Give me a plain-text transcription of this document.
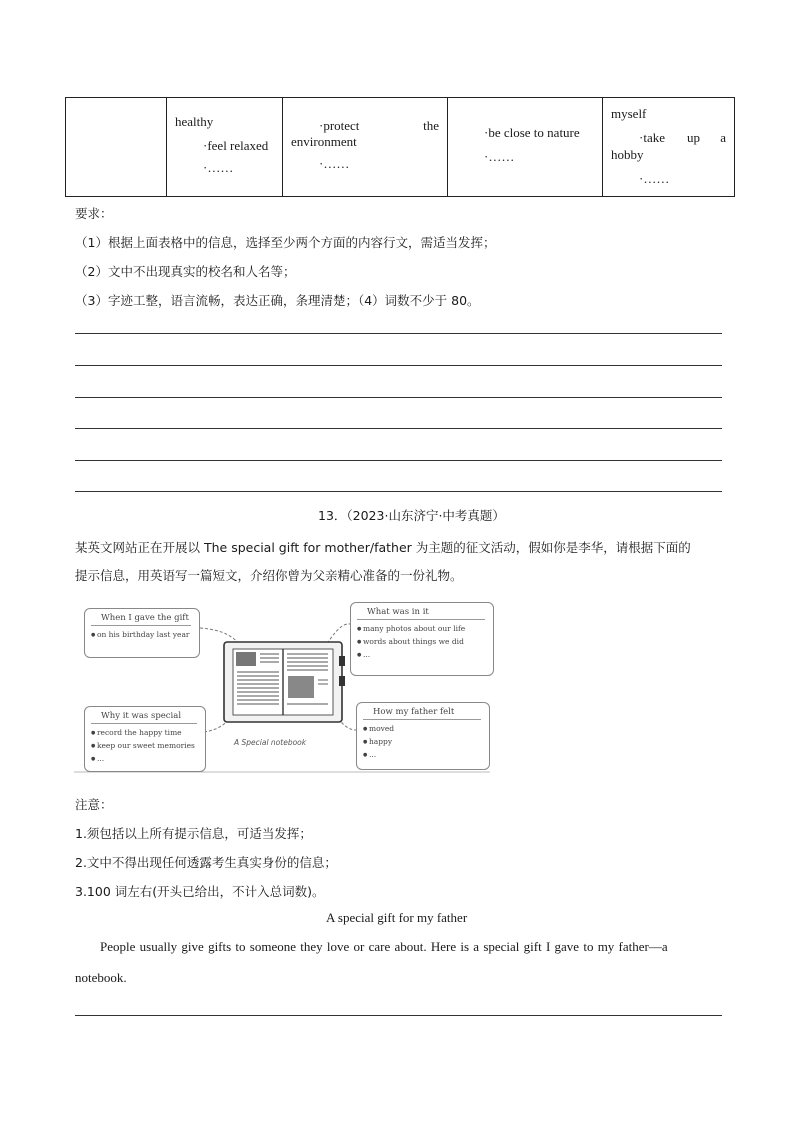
healthy
·feel relaxed
·……
·protect	the
environment
·……
·be close to nature
·……
myself
·take up a
hobby
·……
要求：
（1）根据上面表格中的信息，选择至少两个方面的内容行文，需适当发挥；
（2）文中不出现真实的校名和人名等；
（3）字迹工整，语言流畅，表达正确，条理清楚；（4）词数不少于 80。
13．（2023·山东济宁·中考真题）
某英文网站正在开展以 The special gift for mother/father 为主题的征文活动，假如你是李华，请根据下面的
提示信息，用英语写一篇短文，介绍你曾为父亲精心准备的一份礼物。
When I gave the gift
● on his birthday last year
What was in it
● many photos about our life
● words about things we did
● ...
Why it was special
● record the happy time
● keep our sweet memories
● ...
How my father felt
● moved
● happy
● ...
A Special notebook
注意：
1.须包括以上所有提示信息，可适当发挥；
2.文中不得出现任何透露考生真实身份的信息；
3.100 词左右(开头已给出，不计入总词数)。
A special gift for my father
People usually give gifts to someone they love or care about. Here is a special gift I gave to my father—a
notebook.
